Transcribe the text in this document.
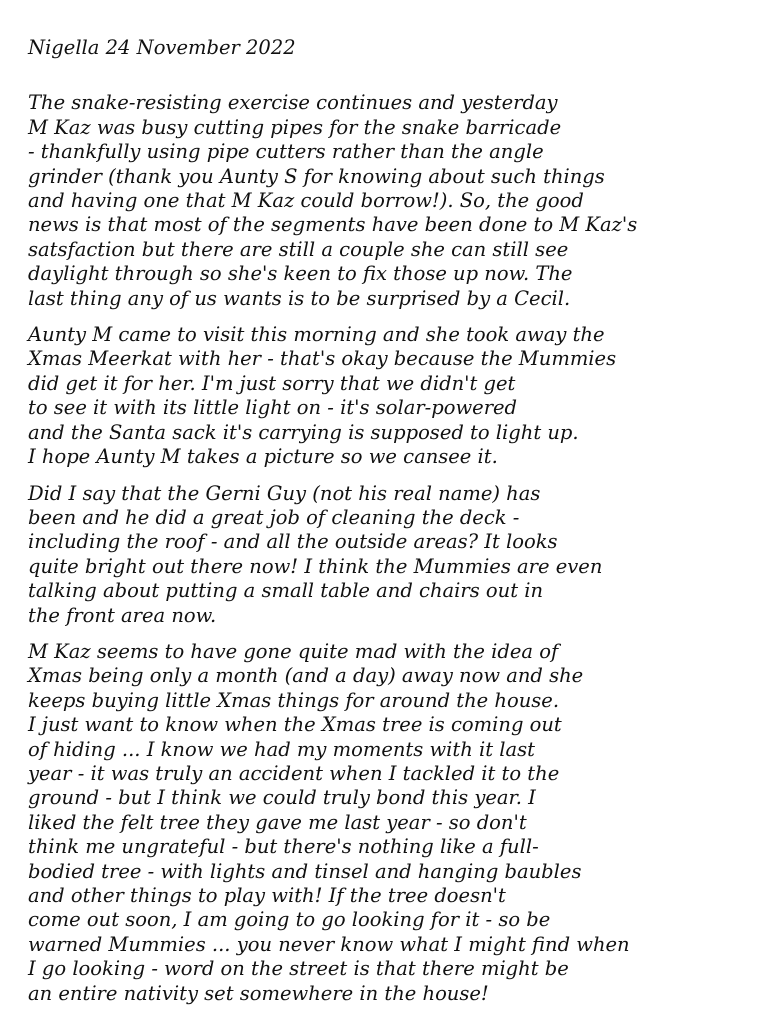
Nigella 24 November 2022
The snake-resisting exercise continues and yesterday
M Kaz was busy cutting pipes for the snake barricade
- thankfully using pipe cutters rather than the angle
grinder (thank you Aunty S for knowing about such things
and having one that M Kaz could borrow!). So, the good
news is that most of the segments have been done to M Kaz's
satsfaction but there are still a couple she can still see
daylight through so she's keen to fix those up now. The
last thing any of us wants is to be surprised by a Cecil.
Aunty M came to visit this morning and she took away the
Xmas Meerkat with her - that's okay because the Mummies
did get it for her. I'm just sorry that we didn't get
to see it with its little light on - it's solar-powered
and the Santa sack it's carrying is supposed to light up.
I hope Aunty M takes a picture so we cansee it.
Did I say that the Gerni Guy (not his real name) has
been and he did a great job of cleaning the deck -
including the roof - and all the outside areas? It looks
quite bright out there now! I think the Mummies are even
talking about putting a small table and chairs out in
the front area now.
M Kaz seems to have gone quite mad with the idea of
Xmas being only a month (and a day) away now and she
keeps buying little Xmas things for around the house.
I just want to know when the Xmas tree is coming out
of hiding ... I know we had my moments with it last
year - it was truly an accident when I tackled it to the
ground - but I think we could truly bond this year. I
liked the felt tree they gave me last year - so don't
think me ungrateful - but there's nothing like a full-
bodied tree - with lights and tinsel and hanging baubles
and other things to play with! If the tree doesn't
come out soon, I am going to go looking for it - so be
warned Mummies ... you never know what I might find when
I go looking - word on the street is that there might be
an entire nativity set somewhere in the house!
